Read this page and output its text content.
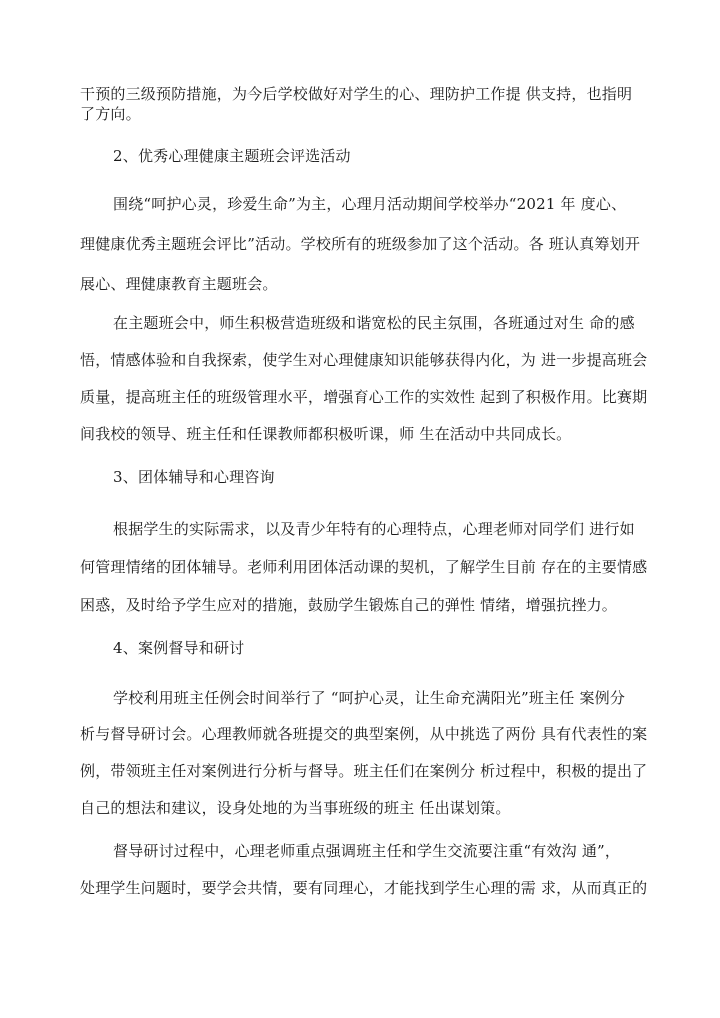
干预的三级预防措施，为今后学校做好对学生的心、理防护工作提 供支持，也指明
了方向。
2、优秀心理健康主题班会评选活动
围绕“呵护心灵，珍爱生命”为主，心理月活动期间学校举办“2021 年 度心、
理健康优秀主题班会评比”活动。学校所有的班级参加了这个活动。各 班认真筹划开
展心、理健康教育主题班会。
在主题班会中，师生积极营造班级和谐宽松的民主氛围，各班通过对生 命的感
悟，情感体验和自我探索，使学生对心理健康知识能够获得内化，为 进一步提高班会
质量，提高班主任的班级管理水平，增强育心工作的实效性 起到了积极作用。比赛期
间我校的领导、班主任和任课教师都积极听课，师 生在活动中共同成长。
3、团体辅导和心理咨询
根据学生的实际需求，以及青少年特有的心理特点，心理老师对同学们 进行如
何管理情绪的团体辅导。老师利用团体活动课的契机，了解学生目前 存在的主要情感
困惑，及时给予学生应对的措施，鼓励学生锻炼自己的弹性 情绪，增强抗挫力。
4、案例督导和研讨
学校利用班主任例会时间举行了 “呵护心灵，让生命充满阳光”班主任 案例分
析与督导研讨会。心理教师就各班提交的典型案例，从中挑选了两份 具有代表性的案
例，带领班主任对案例进行分析与督导。班主任们在案例分 析过程中，积极的提出了
自己的想法和建议，设身处地的为当事班级的班主 任出谋划策。
督导研讨过程中，心理老师重点强调班主任和学生交流要注重“有效沟 通”，
处理学生问题时，要学会共情，要有同理心，才能找到学生心理的需 求，从而真正的
